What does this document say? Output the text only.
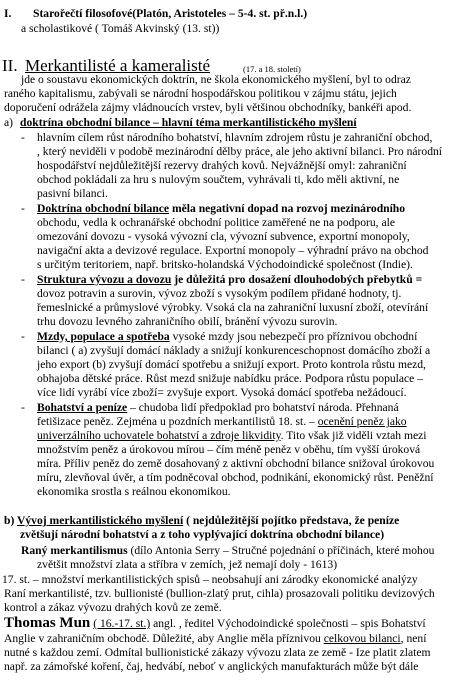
I. Starořečtí filosofové(Platón, Aristoteles – 5-4. st. př.n.l.)
a scholastikové ( Tomáš Akvinský (13. st))
II. Merkantilisté a kameralisté	(17. a 18. století)
jde o soustavu ekonomických doktrín, ne škola ekonomického myšlení, byl to odraz
raného kapitalismu, zabývali se národní hospodářskou politikou v zájmu státu, jejich
doporučení odrážela zájmy vládnoucích vrstev, byli většinou obchodníky, bankéři apod.
a) doktrína obchodní bilance – hlavní téma merkantilistického myšlení
- hlavním cílem růst národního bohatství, hlavním zdrojem růstu je zahraniční obchod,
, který neviděli v podobě mezinárodní dělby práce, ale jeho aktivní bilanci. Pro národní
hospodářství nejdůležitější rezervy drahých kovů. Nejvážnější omyl: zahraniční
obchod pokládali za hru s nulovým součtem, vyhrávali ti, kdo měli aktivní, ne
pasivní bilanci.
- Doktrína obchodní bilance měla negativní dopad na rozvoj mezinárodního
obchodu, vedla k ochranářské obchodní politice zaměřené ne na podporu, ale
omezování dovozu - vysoká vývozní cla, vývozní subvence, exportní monopoly,
navigační akta a devizové regulace. Exportní monopoly – výhradní právo na obchod
s určitým teritoriem, např. britsko-holandská Východoindické společnost (Indie).
- Struktura vývozu a dovozu je důležitá pro dosažení dlouhodobých přebytků =
dovoz potravin a surovin, vývoz zboží s vysokým podílem přidané hodnoty, tj.
řemeslnické a průmyslové výrobky. Vsoká cla na zahraniční luxusní zboží, otevírání
trhu dovozu levného zahraničního obilí, bránění vývozu surovin.
- Mzdy, populace a spotřeba vysoké mzdy jsou nebezpečí pro příznivou obchodní
bilanci ( a) zvyšují domácí náklady a snižují konkurenceschopnost domácího zboží a
jeho export (b) zvyšují domácí spotřebu a snižují export. Proto kontrola růstu mezd,
obhajoba dětské práce. Růst mezd snižuje nabídku práce. Podpora růstu populace –
více lidí vyrábí více zboží= zvyšuje export. Vysoká domácí spotřeba nežádoucí.
- Bohatství a peníze – chudoba lidí předpoklad pro bohatství národa. Přehnaná
fetišizace peněz. Zejména u pozdních merkantilistů 18. st. – ocenění peněz jako
univerzálního uchovatele bohatství a zdroje likvidity. Tito však již viděli vztah mezi
množstvím peněz a úrokovou mírou – čím méně peněz v oběhu, tím vyšší úroková
míra. Příliv peněz do země dosahovaný z aktivní obchodní bilance snižoval úrokovou
míru, zlevňoval úvěr, a tím podněcoval obchod, podnikání, ekonomický růst. Peněžní
ekonomika srostla s reálnou ekonomikou.
b) Vývoj merkantilistického myšlení ( nejdůležitější pojítko představa, že peníze
zvětšují národní bohatství a z toho vyplývající doktrína obchodní bilance)
Raný merkantilismus (dílo Antonia Serry – Stručné pojednání o příčinách, které mohou
zvětšit množství zlata a stříbra v zemích, jež nemají doly - 1613)
17. st. – množství merkantilistických spisů – neobsahují ani zárodky ekonomické analýzy
Raní merkantilisté, tzv. bullionisté (bullion-zlatý prut, cihla) prosazovali politiku devizových
kontrol a zákaz vývozu drahých kovů ze země.
Thomas Mun ( 16.-17. st.) angl. , ředitel Východoindické společnosti – spis Bohatství
Anglie v zahraničním obchodě. Důležité, aby Anglie měla příznivou celkovou bilanci, není
nutné s každou zemí. Odmítal bullionistické zákazy vývozu zlata ze země - Ize platit zlatem
např. za zámořské koření, čaj, hedvábí, neboť v anglických manufakturách může být dále
